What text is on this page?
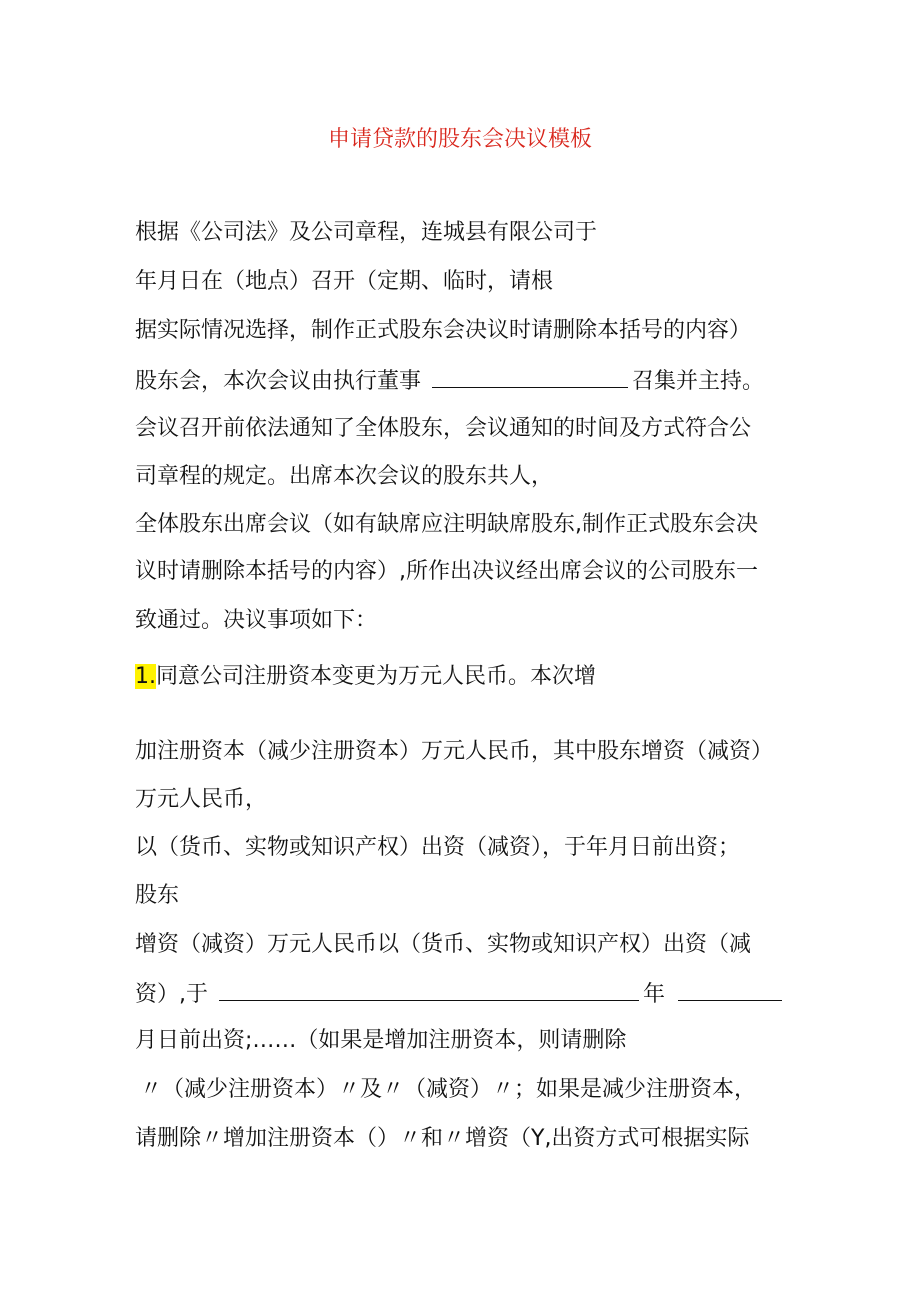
申请贷款的股东会决议模板
根据《公司法》及公司章程，连城县有限公司于
年月日在（地点）召开（定期、临时，请根
据实际情况选择，制作正式股东会决议时请删除本括号的内容）
股东会，本次会议由执行董事	召集并主持。
会议召开前依法通知了全体股东，会议通知的时间及方式符合公
司章程的规定。出席本次会议的股东共人，
全体股东出席会议（如有缺席应注明缺席股东,制作正式股东会决
议时请删除本括号的内容）,所作出决议经出席会议的公司股东一
致通过。决议事项如下：
1.同意公司注册资本变更为万元人民币。本次增
加注册资本（减少注册资本）万元人民币，其中股东增资（减资）
万元人民币，
以（货币、实物或知识产权）出资（减资），于年月日前出资；
股东
增资（减资）万元人民币以（货币、实物或知识产权）出资（减
资）,于	年
月日前出资;……（如果是增加注册资本，则请删除
〃（减少注册资本）〃及〃（减资）〃；如果是减少注册资本，
请删除〃增加注册资本（）〃和〃增资（Y,出资方式可根据实际
